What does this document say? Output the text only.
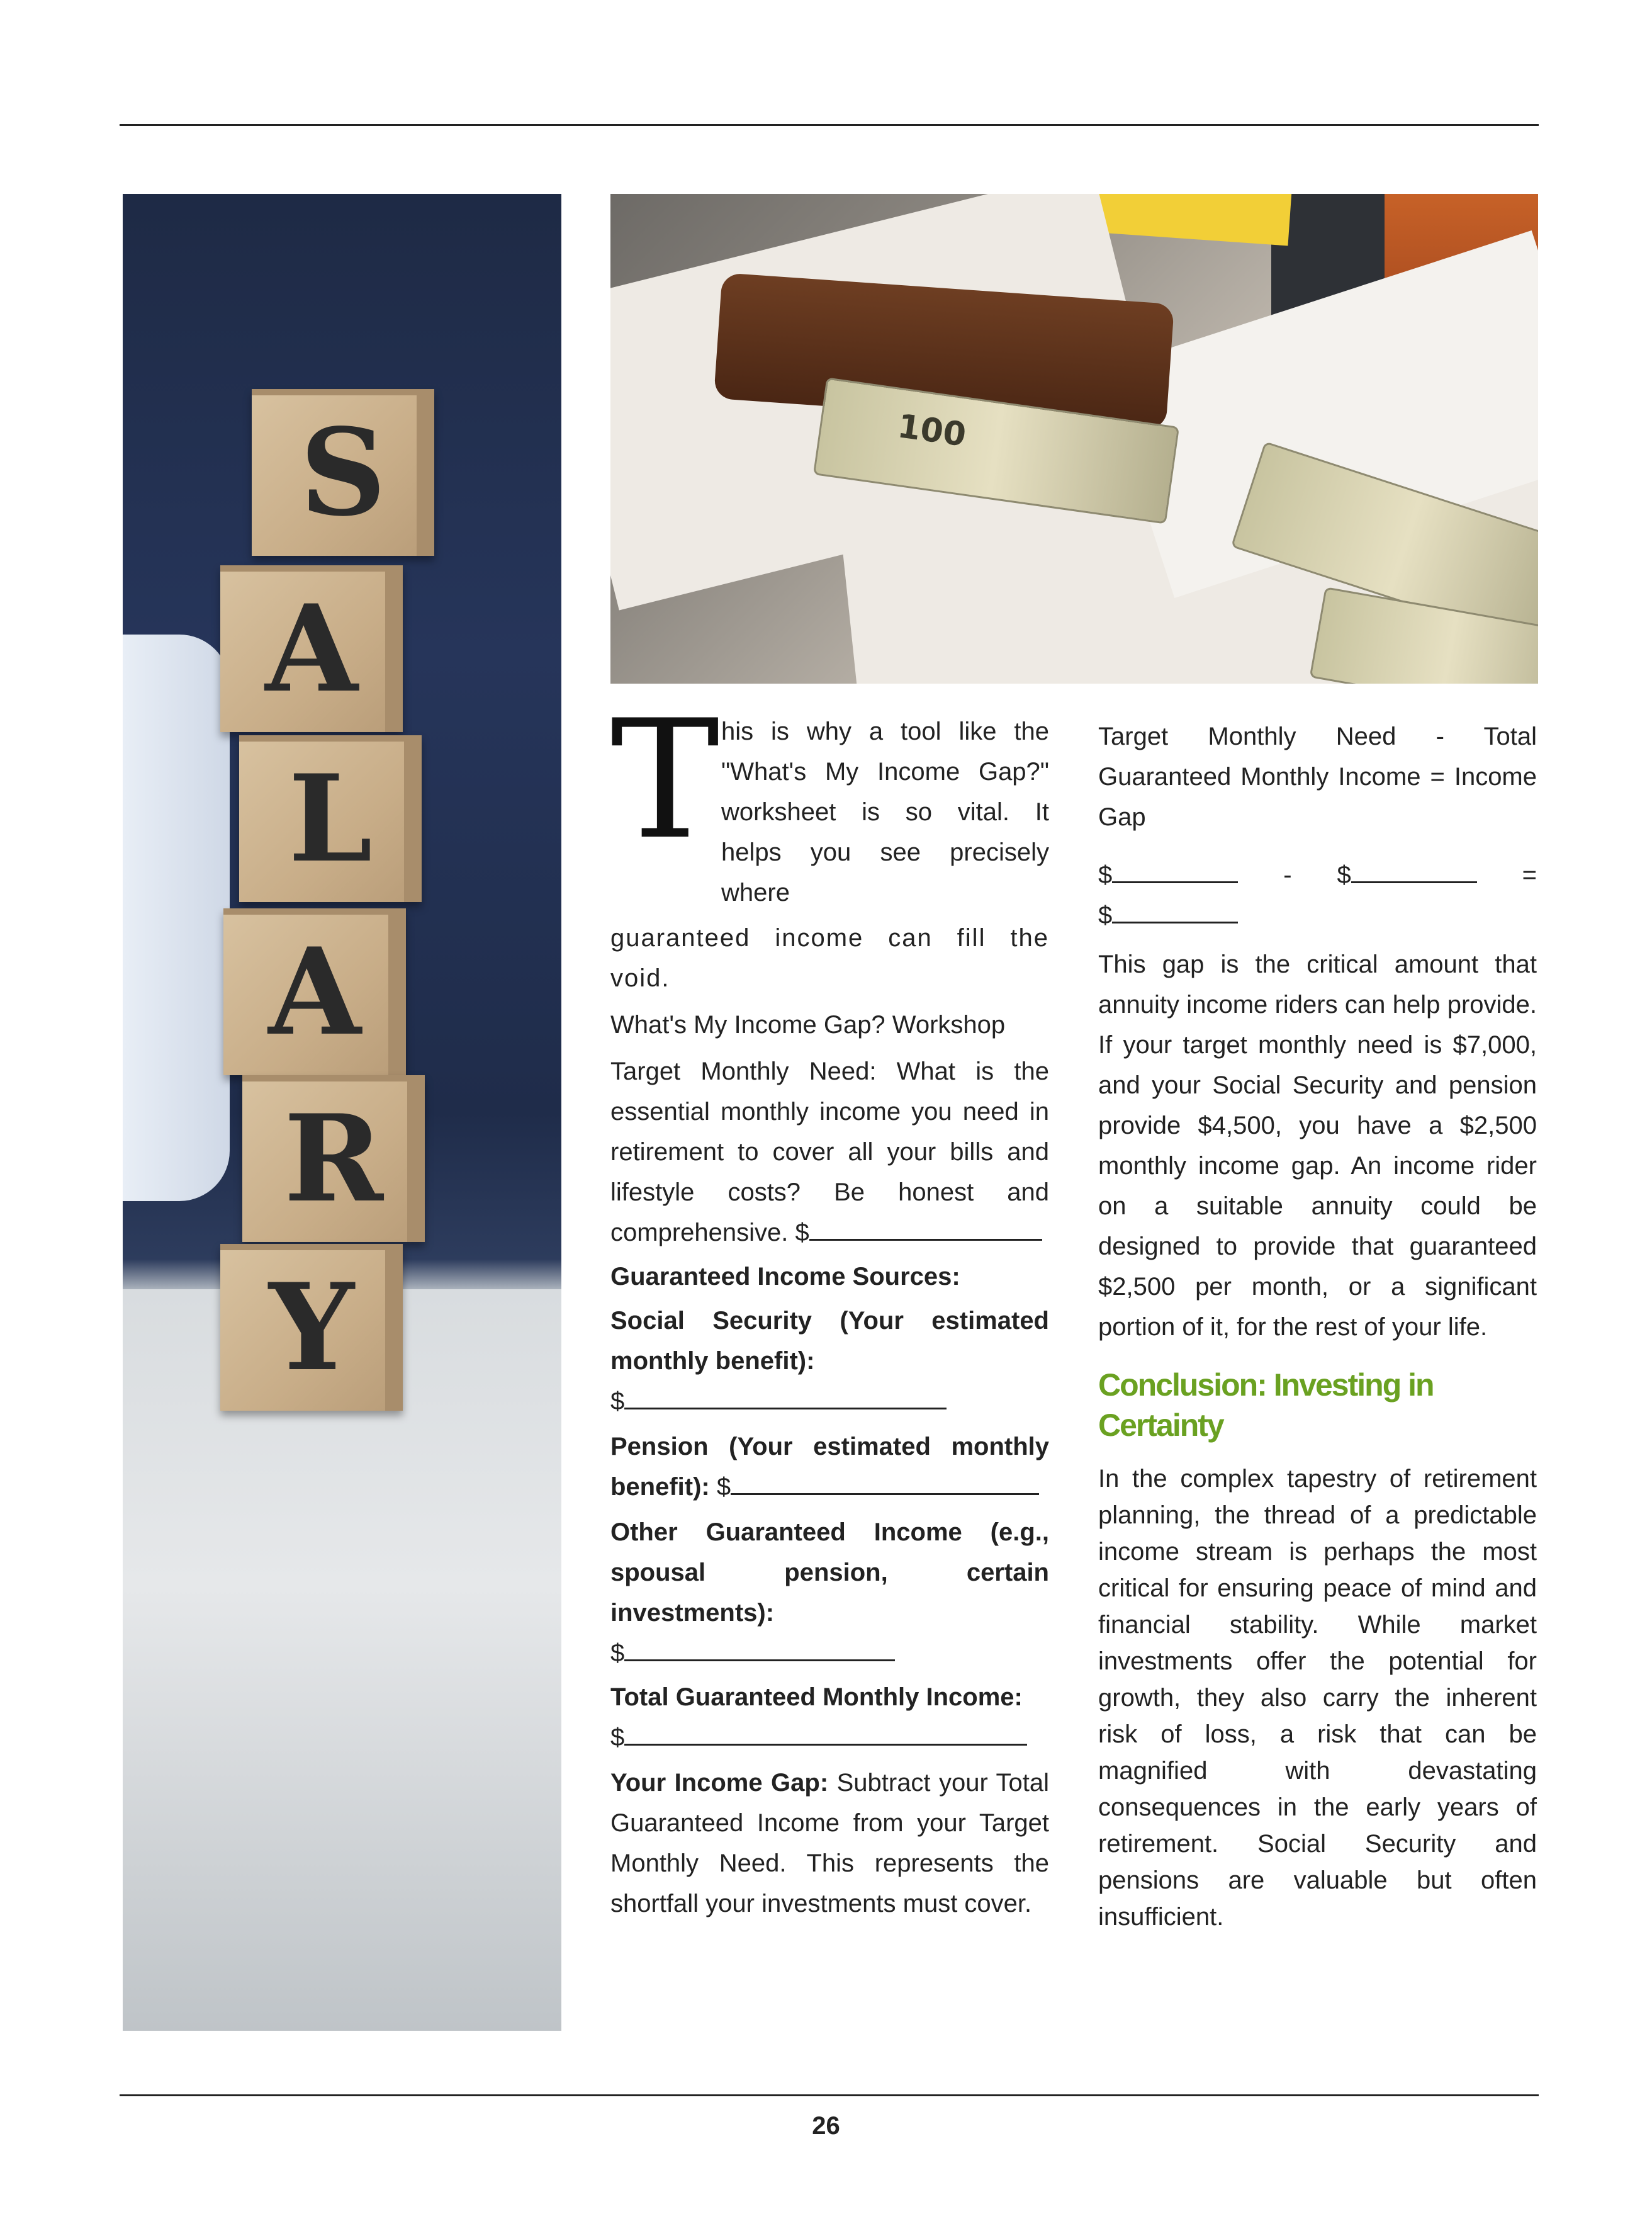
S
A
L
A
R
Y
100
T his is why a tool like the

"What's My Income Gap?"

worksheet is so vital. It

helps you see precisely

where

guaranteed income can fill the void.

What's My Income Gap? Workshop

Target Monthly Need: What is the essential monthly income you need in retirement to cover all your bills and lifestyle costs? Be honest and comprehensive. $

Guaranteed Income Sources:

Social Security (Your estimated monthly benefit):

$

Pension (Your estimated monthly benefit): $

Other Guaranteed Income (e.g., spousal pension, certain investments):

$

Total Guaranteed Monthly Income:

$

Your Income Gap: Subtract your Total Guaranteed Income from your Target Monthly Need. This represents the shortfall your investments must cover.

Target Monthly Need - Total Guaranteed Monthly Income = Income Gap

$	- $	=

$

This gap is the critical amount that annuity income riders can help provide. If your target monthly need is $7,000, and your Social Security and pension provide $4,500, you have a $2,500 monthly income gap. An income rider on a suitable annuity could be designed to provide that guaranteed $2,500 per month, or a significant portion of it, for the rest of your life.

Conclusion: Investing in Certainty

In the complex tapestry of retirement planning, the thread of a predictable income stream is perhaps the most critical for ensuring peace of mind and financial stability. While market investments offer the potential for growth, they also carry the inherent risk of loss, a risk that can be magnified with devastating consequences in the early years of retirement. Social Security and pensions are valuable but often insufficient.

26
